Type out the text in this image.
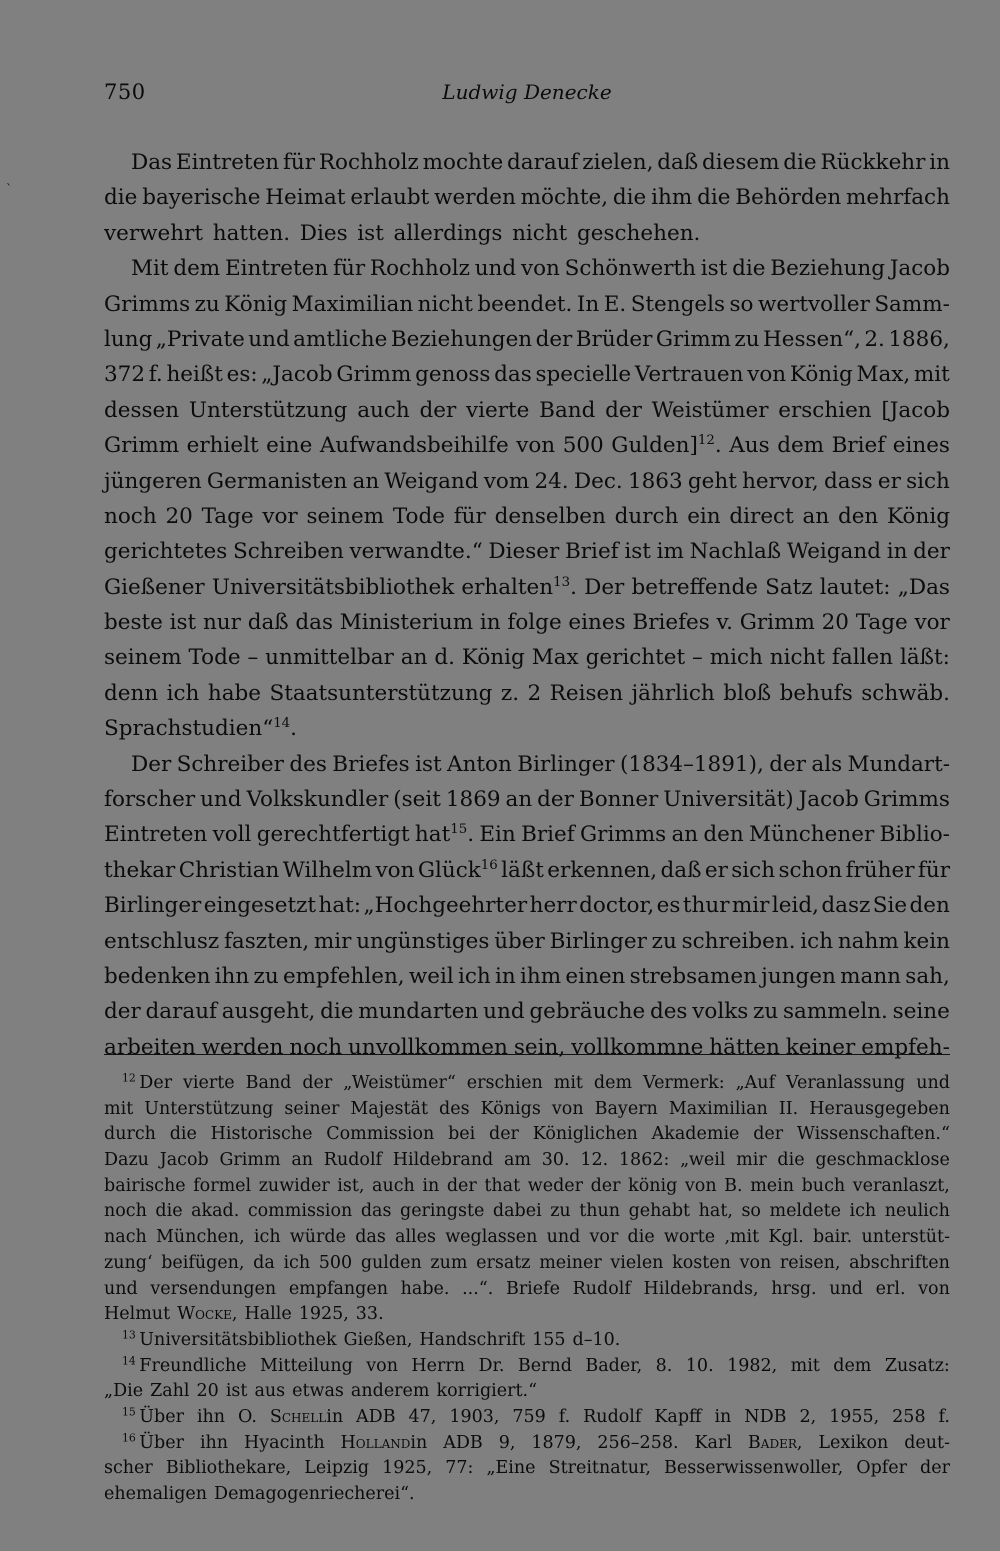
750	Ludwig Denecke
`
Das Eintreten für Rochholz mochte darauf zielen, daß diesem die Rückkehr in
die bayerische Heimat erlaubt werden möchte, die ihm die Behörden mehrfach
verwehrt hatten. Dies ist allerdings nicht geschehen.
Mit dem Eintreten für Rochholz und von Schönwerth ist die Beziehung Jacob
Grimms zu König Maximilian nicht beendet. In E. Stengels so wertvoller Samm-
lung „Private und amtliche Beziehungen der Brüder Grimm zu Hessen“, 2. 1886,
372 f. heißt es: „Jacob Grimm genoss das specielle Vertrauen von König Max, mit
dessen Unterstützung auch der vierte Band der Weistümer erschien [Jacob
Grimm erhielt eine Aufwandsbeihilfe von 500 Gulden]$^{12}$. Aus dem Brief eines
jüngeren Germanisten an Weigand vom 24. Dec. 1863 geht hervor, dass er sich
noch 20 Tage vor seinem Tode für denselben durch ein direct an den König
gerichtetes Schreiben verwandte.“ Dieser Brief ist im Nachlaß Weigand in der
Gießener Universitätsbibliothek erhalten$^{13}$. Der betreffende Satz lautet: „Das
beste ist nur daß das Ministerium in folge eines Briefes v. Grimm 20 Tage vor
seinem Tode – unmittelbar an d. König Max gerichtet – mich nicht fallen läßt:
denn ich habe Staatsunterstützung z. 2 Reisen jährlich bloß behufs schwäb.
Sprachstudien“$^{14}$.
Der Schreiber des Briefes ist Anton Birlinger (1834–1891), der als Mundart-
forscher und Volkskundler (seit 1869 an der Bonner Universität) Jacob Grimms
Eintreten voll gerechtfertigt hat$^{15}$. Ein Brief Grimms an den Münchener Biblio-
thekar Christian Wilhelm von Glück$^{16}$ läßt erkennen, daß er sich schon früher für
Birlinger eingesetzt hat: „Hochgeehrter herr doctor, es thur mir leid, dasz Sie den
entschlusz faszten, mir ungünstiges über Birlinger zu schreiben. ich nahm kein
bedenken ihn zu empfehlen, weil ich in ihm einen strebsamen jungen mann sah,
der darauf ausgeht, die mundarten und gebräuche des volks zu sammeln. seine
arbeiten werden noch unvollkommen sein, vollkommne hätten keiner empfeh-
$^{12}$ Der vierte Band der „Weistümer“ erschien mit dem Vermerk: „Auf Veranlassung und
mit Unterstützung seiner Majestät des Königs von Bayern Maximilian II. Herausgegeben
durch die Historische Commission bei der Königlichen Akademie der Wissenschaften.“
Dazu Jacob Grimm an Rudolf Hildebrand am 30. 12. 1862: „weil mir die geschmacklose
bairische formel zuwider ist, auch in der that weder der könig von B. mein buch veranlaszt,
noch die akad. commission das geringste dabei zu thun gehabt hat, so meldete ich neulich
nach München, ich würde das alles weglassen und vor die worte ‚mit Kgl. bair. unterstüt-
zung‘ beifügen, da ich 500 gulden zum ersatz meiner vielen kosten von reisen, abschriften
und versendungen empfangen habe. ...“. Briefe Rudolf Hildebrands, hrsg. und erl. von
Helmut Wocke, Halle 1925, 33.
$^{13}$ Universitätsbibliothek Gießen, Handschrift 155 d–10.
$^{14}$ Freundliche Mitteilung von Herrn Dr. Bernd Bader, 8. 10. 1982, mit dem Zusatz:
„Die Zahl 20 ist aus etwas anderem korrigiert.“
$^{15}$ Über ihn O. Schellin ADB 47, 1903, 759 f. Rudolf Kapff in NDB 2, 1955, 258 f.
$^{16}$ Über ihn Hyacinth Hollandin ADB 9, 1879, 256–258. Karl Bader, Lexikon deut-
scher Bibliothekare, Leipzig 1925, 77: „Eine Streitnatur, Besserwissenwoller, Opfer der
ehemaligen Demagogenriecherei“.
